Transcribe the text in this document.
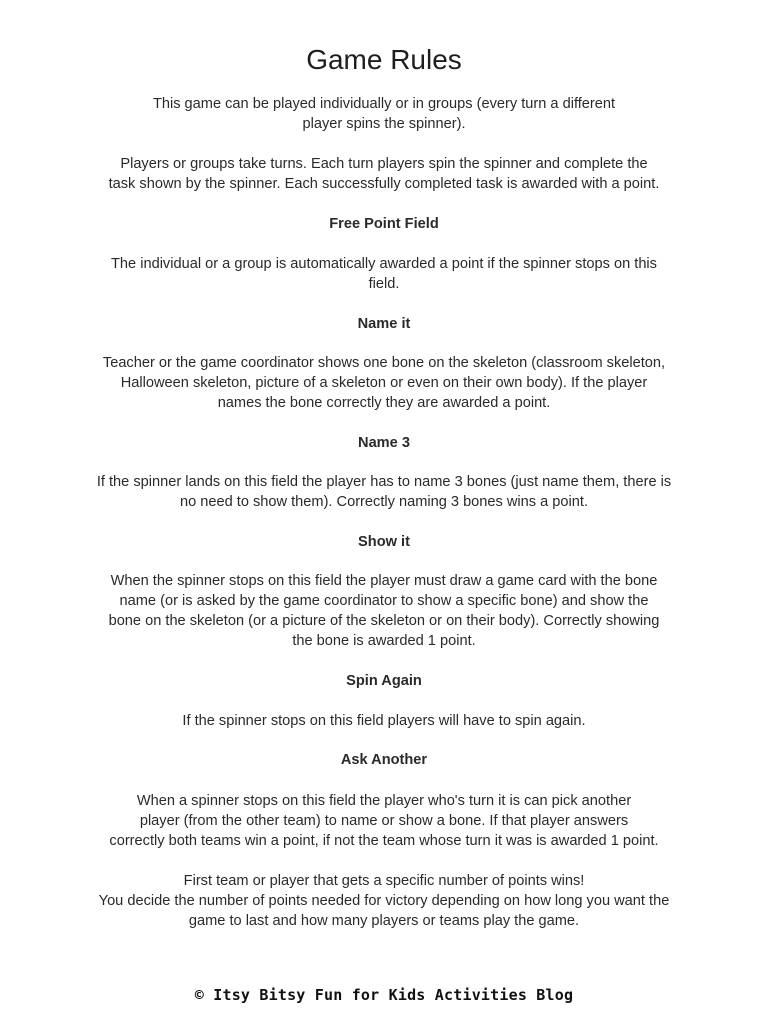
Game Rules

This game can be played individually or in groups (every turn a different
player spins the spinner).

Players or groups take turns. Each turn players spin the spinner and complete the
task shown by the spinner. Each successfully completed task is awarded with a point.

Free Point Field

The individual or a group is automatically awarded a point if the spinner stops on this
field.

Name it

Teacher or the game coordinator shows one bone on the skeleton (classroom skeleton,
Halloween skeleton, picture of a skeleton or even on their own body). If the player
names the bone correctly they are awarded a point.

Name 3

If the spinner lands on this field the player has to name 3 bones (just name them, there is
no need to show them). Correctly naming 3 bones wins a point.

Show it

When the spinner stops on this field the player must draw a game card with the bone
name (or is asked by the game coordinator to show a specific bone) and show the
bone on the skeleton (or a picture of the skeleton or on their body). Correctly showing
the bone is awarded 1 point.

Spin Again

If the spinner stops on this field players will have to spin again.

Ask Another

When a spinner stops on this field the player who's turn it is can pick another
player (from the other team) to name or show a bone. If that player answers
correctly both teams win a point, if not the team whose turn it was is awarded 1 point.

First team or player that gets a specific number of points wins!
You decide the number of points needed for victory depending on how long you want the
game to last and how many players or teams play the game.

© Itsy Bitsy Fun for Kids Activities Blog
